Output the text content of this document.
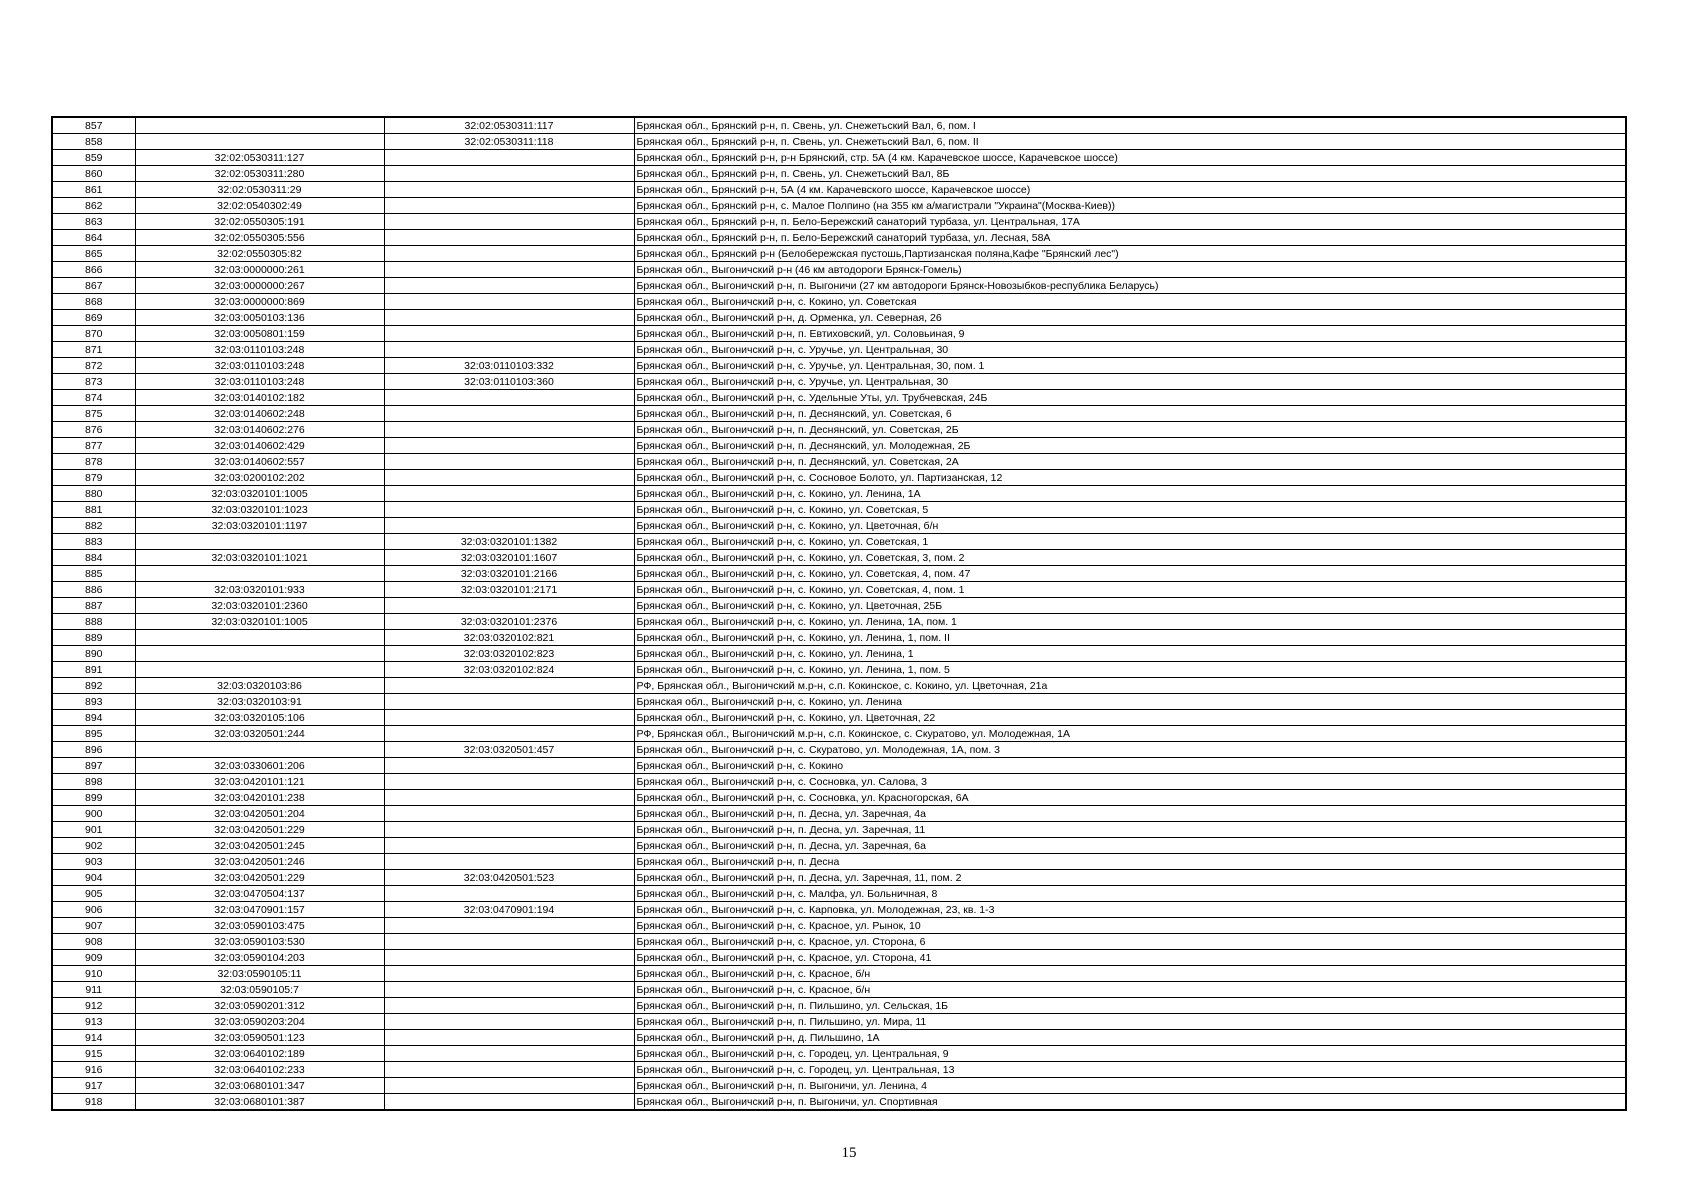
857		32:02:0530311:117	Брянская обл., Брянский р-н, п. Свень, ул. Снежетьский Вал, 6, пом. I
858		32:02:0530311:118	Брянская обл., Брянский р-н, п. Свень, ул. Снежетьский Вал, 6, пом. II
859	32:02:0530311:127		Брянская обл., Брянский р-н, р-н Брянский, стр. 5А (4 км. Карачевское шоссе, Карачевское шоссе)
860	32:02:0530311:280		Брянская обл., Брянский р-н, п. Свень, ул. Снежетьский Вал, 8Б
861	32:02:0530311:29		Брянская обл., Брянский р-н, 5А (4 км. Карачевского шоссе, Карачевское шоссе)
862	32:02:0540302:49		Брянская обл., Брянский р-н, с. Малое Полпино (на 355 км а/магистрали "Украина"(Москва-Киев))
863	32:02:0550305:191		Брянская обл., Брянский р-н, п. Бело-Бережский санаторий турбаза, ул. Центральная, 17А
864	32:02:0550305:556		Брянская обл., Брянский р-н, п. Бело-Бережский санаторий турбаза, ул. Лесная, 58А
865	32:02:0550305:82		Брянская обл., Брянский р-н (Белобережская пустошь,Партизанская поляна,Кафе "Брянский лес")
866	32:03:0000000:261		Брянская обл., Выгоничский р-н (46 км автодороги Брянск-Гомель)
867	32:03:0000000:267		Брянская обл., Выгоничский р-н, п. Выгоничи (27 км автодороги Брянск-Новозыбков-республика Беларусь)
868	32:03:0000000:869		Брянская обл., Выгоничский р-н, с. Кокино, ул. Советская
869	32:03:0050103:136		Брянская обл., Выгоничский р-н, д. Орменка, ул. Северная, 26
870	32:03:0050801:159		Брянская обл., Выгоничский р-н, п. Евтиховский, ул. Соловьиная, 9
871	32:03:0110103:248		Брянская обл., Выгоничский р-н, с. Уручье, ул. Центральная, 30
872	32:03:0110103:248	32:03:0110103:332	Брянская обл., Выгоничский р-н, с. Уручье, ул. Центральная, 30, пом. 1
873	32:03:0110103:248	32:03:0110103:360	Брянская обл., Выгоничский р-н, с. Уручье, ул. Центральная, 30
874	32:03:0140102:182		Брянская обл., Выгоничский р-н, с. Удельные Уты, ул. Трубчевская, 24Б
875	32:03:0140602:248		Брянская обл., Выгоничский р-н, п. Деснянский, ул. Советская, 6
876	32:03:0140602:276		Брянская обл., Выгоничский р-н, п. Деснянский, ул. Советская, 2Б
877	32:03:0140602:429		Брянская обл., Выгоничский р-н, п. Деснянский, ул. Молодежная, 2Б
878	32:03:0140602:557		Брянская обл., Выгоничский р-н, п. Деснянский, ул. Советская, 2А
879	32:03:0200102:202		Брянская обл., Выгоничский р-н, с. Сосновое Болото, ул. Партизанская, 12
880	32:03:0320101:1005		Брянская обл., Выгоничский р-н, с. Кокино, ул. Ленина, 1А
881	32:03:0320101:1023		Брянская обл., Выгоничский р-н, с. Кокино, ул. Советская, 5
882	32:03:0320101:1197		Брянская обл., Выгоничский р-н, с. Кокино, ул. Цветочная, б/н
883		32:03:0320101:1382	Брянская обл., Выгоничский р-н, с. Кокино, ул. Советская, 1
884	32:03:0320101:1021	32:03:0320101:1607	Брянская обл., Выгоничский р-н, с. Кокино, ул. Советская, 3, пом. 2
885		32:03:0320101:2166	Брянская обл., Выгоничский р-н, с. Кокино, ул. Советская, 4, пом. 47
886	32:03:0320101:933	32:03:0320101:2171	Брянская обл., Выгоничский р-н, с. Кокино, ул. Советская, 4, пом. 1
887	32:03:0320101:2360		Брянская обл., Выгоничский р-н, с. Кокино, ул. Цветочная, 25Б
888	32:03:0320101:1005	32:03:0320101:2376	Брянская обл., Выгоничский р-н, с. Кокино, ул. Ленина, 1А, пом. 1
889		32:03:0320102:821	Брянская обл., Выгоничский р-н, с. Кокино, ул. Ленина, 1, пом. II
890		32:03:0320102:823	Брянская обл., Выгоничский р-н, с. Кокино, ул. Ленина, 1
891		32:03:0320102:824	Брянская обл., Выгоничский р-н, с. Кокино, ул. Ленина, 1, пом. 5
892	32:03:0320103:86		РФ, Брянская обл., Выгоничский м.р-н, с.п. Кокинское, с. Кокино, ул. Цветочная, 21а
893	32:03:0320103:91		Брянская обл., Выгоничский р-н, с. Кокино, ул. Ленина
894	32:03:0320105:106		Брянская обл., Выгоничский р-н, с. Кокино, ул. Цветочная, 22
895	32:03:0320501:244		РФ, Брянская обл., Выгоничский м.р-н, с.п. Кокинское, с. Скуратово, ул. Молодежная, 1А
896		32:03:0320501:457	Брянская обл., Выгоничский р-н, с. Скуратово, ул. Молодежная, 1А, пом. 3
897	32:03:0330601:206		Брянская обл., Выгоничский р-н, с. Кокино
898	32:03:0420101:121		Брянская обл., Выгоничский р-н, с. Сосновка, ул. Салова, 3
899	32:03:0420101:238		Брянская обл., Выгоничский р-н, с. Сосновка, ул. Красногорская, 6А
900	32:03:0420501:204		Брянская обл., Выгоничский р-н, п. Десна, ул. Заречная, 4а
901	32:03:0420501:229		Брянская обл., Выгоничский р-н, п. Десна, ул. Заречная, 11
902	32:03:0420501:245		Брянская обл., Выгоничский р-н, п. Десна, ул. Заречная, 6а
903	32:03:0420501:246		Брянская обл., Выгоничский р-н, п. Десна
904	32:03:0420501:229	32:03:0420501:523	Брянская обл., Выгоничский р-н, п. Десна, ул. Заречная, 11, пом. 2
905	32:03:0470504:137		Брянская обл., Выгоничский р-н, с. Малфа, ул. Больничная, 8
906	32:03:0470901:157	32:03:0470901:194	Брянская обл., Выгоничский р-н, с. Карповка, ул. Молодежная, 23, кв. 1-3
907	32:03:0590103:475		Брянская обл., Выгоничский р-н, с. Красное, ул. Рынок, 10
908	32:03:0590103:530		Брянская обл., Выгоничский р-н, с. Красное, ул. Сторона, 6
909	32:03:0590104:203		Брянская обл., Выгоничский р-н, с. Красное, ул. Сторона, 41
910	32:03:0590105:11		Брянская обл., Выгоничский р-н, с. Красное, б/н
911	32:03:0590105:7		Брянская обл., Выгоничский р-н, с. Красное, б/н
912	32:03:0590201:312		Брянская обл., Выгоничский р-н, п. Пильшино, ул. Сельская, 1Б
913	32:03:0590203:204		Брянская обл., Выгоничский р-н, п. Пильшино, ул. Мира, 11
914	32:03:0590501:123		Брянская обл., Выгоничский р-н, д. Пильшино, 1А
915	32:03:0640102:189		Брянская обл., Выгоничский р-н, с. Городец, ул. Центральная, 9
916	32:03:0640102:233		Брянская обл., Выгоничский р-н, с. Городец, ул. Центральная, 13
917	32:03:0680101:347		Брянская обл., Выгоничский р-н, п. Выгоничи, ул. Ленина, 4
918	32:03:0680101:387		Брянская обл., Выгоничский р-н, п. Выгоничи, ул. Спортивная
15
